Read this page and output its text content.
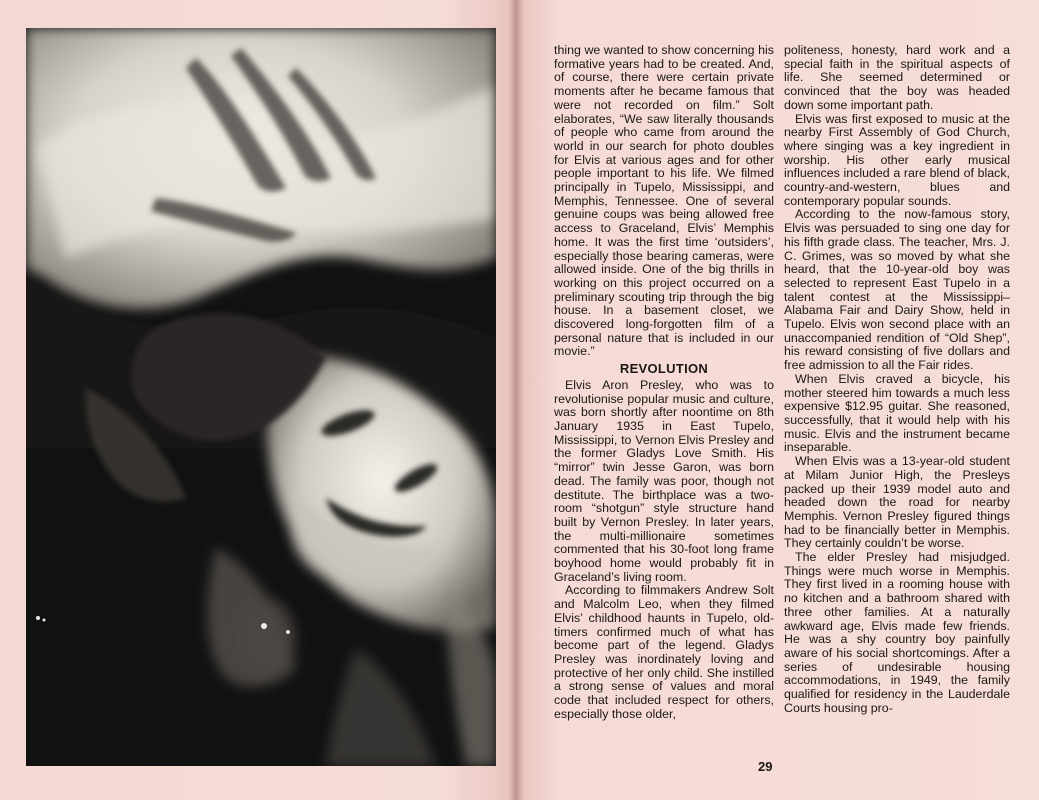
thing we wanted to show concerning his formative years had to be created. And, of course, there were certain private moments after he became famous that were not recorded on film.” Solt elaborates, “We saw literally thousands of people who came from around the world in our search for photo doubles for Elvis at various ages and for other people important to his life. We filmed principally in Tupelo, Mississippi, and Memphis, Tennessee. One of several genuine coups was being allowed free access to Graceland, Elvis’ Memphis home. It was the first time ‘outsiders’, especially those bearing cameras, were allowed inside. One of the big thrills in working on this project occurred on a preliminary scouting trip through the big house. In a basement closet, we discovered long-forgotten film of a personal nature that is included in our movie.”

REVOLUTION

Elvis Aron Presley, who was to revolutionise popular music and culture, was born shortly after noontime on 8th January 1935 in East Tupelo, Mississippi, to Vernon Elvis Presley and the former Gladys Love Smith. His “mirror” twin Jesse Garon, was born dead. The family was poor, though not destitute. The birthplace was a two-room “shotgun” style structure hand built by Vernon Presley. In later years, the multi-millionaire sometimes commented that his 30-foot long frame boyhood home would probably fit in Graceland’s living room.

According to filmmakers Andrew Solt and Malcolm Leo, when they filmed Elvis’ childhood haunts in Tupelo, old-timers confirmed much of what has become part of the legend. Gladys Presley was inordinately loving and protective of her only child. She instilled a strong sense of values and moral code that included respect for others, especially those older,

politeness, honesty, hard work and a special faith in the spiritual aspects of life. She seemed determined or convinced that the boy was headed down some important path.

Elvis was first exposed to music at the nearby First Assembly of God Church, where singing was a key ingredient in worship. His other early musical influences included a rare blend of black, country-and-western, blues and contemporary popular sounds.

According to the now-famous story, Elvis was persuaded to sing one day for his fifth grade class. The teacher, Mrs. J. C. Grimes, was so moved by what she heard, that the 10-year-old boy was selected to represent East Tupelo in a talent contest at the Mississippi–Alabama Fair and Dairy Show, held in Tupelo. Elvis won second place with an unaccompanied rendition of “Old Shep”, his reward consisting of five dollars and free admission to all the Fair rides.

When Elvis craved a bicycle, his mother steered him towards a much less expensive $12.95 guitar. She reasoned, successfully, that it would help with his music. Elvis and the instrument became inseparable.

When Elvis was a 13-year-old student at Milam Junior High, the Presleys packed up their 1939 model auto and headed down the road for nearby Memphis. Vernon Presley figured things had to be financially better in Memphis. They certainly couldn’t be worse.

The elder Presley had misjudged. Things were much worse in Memphis. They first lived in a rooming house with no kitchen and a bathroom shared with three other families. At a naturally awkward age, Elvis made few friends. He was a shy country boy painfully aware of his social shortcomings. After a series of undesirable housing accommodations, in 1949, the family qualified for residency in the Lauderdale Courts housing pro-

29
